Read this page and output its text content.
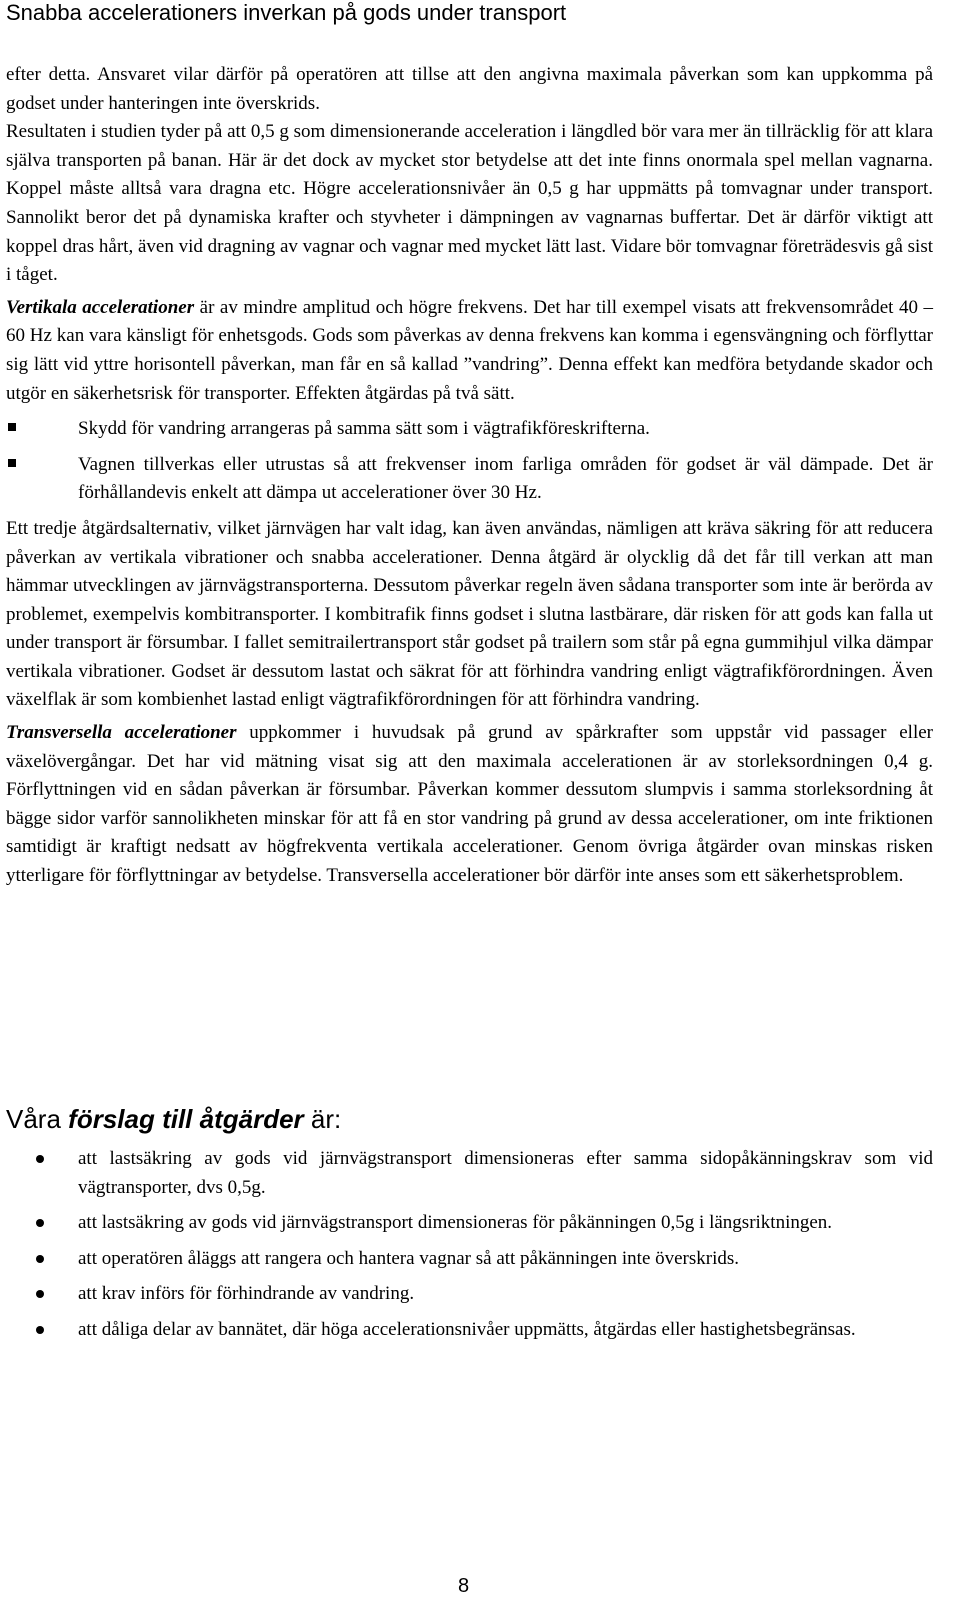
Snabba accelerationers inverkan på gods under transport

efter detta. Ansvaret vilar därför på operatören att tillse att den angivna maximala påverkan som kan uppkomma på godset under hanteringen inte överskrids.

Resultaten i studien tyder på att 0,5 g som dimensionerande acceleration i längdled bör vara mer än tillräcklig för att klara själva transporten på banan. Här är det dock av mycket stor betydelse att det inte finns onormala spel mellan vagnarna. Koppel måste alltså vara dragna etc. Högre accelerationsnivåer än 0,5 g har uppmätts på tomvagnar under transport. Sannolikt beror det på dynamiska krafter och styvheter i dämpningen av vagnarnas buffertar. Det är därför viktigt att koppel dras hårt, även vid dragning av vagnar och vagnar med mycket lätt last. Vidare bör tomvagnar företrädesvis gå sist i tåget.

Vertikala accelerationer är av mindre amplitud och högre frekvens. Det har till exempel visats att frekvensområdet 40 – 60 Hz kan vara känsligt för enhetsgods. Gods som påverkas av denna frekvens kan komma i egensvängning och förflyttar sig lätt vid yttre horisontell påverkan, man får en så kallad ”vandring”. Denna effekt kan medföra betydande skador och utgör en säkerhetsrisk för transporter. Effekten åtgärdas på två sätt.

Skydd för vandring arrangeras på samma sätt som i vägtrafikföreskrifterna.
Vagnen tillverkas eller utrustas så att frekvenser inom farliga områden för godset är väl dämpade. Det är förhållandevis enkelt att dämpa ut accelerationer över 30 Hz.

Ett tredje åtgärdsalternativ, vilket järnvägen har valt idag, kan även användas, nämligen att kräva säkring för att reducera påverkan av vertikala vibrationer och snabba accelerationer. Denna åtgärd är olycklig då det får till verkan att man hämmar utvecklingen av järnvägstransporterna. Dessutom påverkar regeln även sådana transporter som inte är berörda av problemet, exempelvis kombitransporter. I kombitrafik finns godset i slutna lastbärare, där risken för att gods kan falla ut under transport är försumbar. I fallet semitrailertransport står godset på trailern som står på egna gummihjul vilka dämpar vertikala vibrationer. Godset är dessutom lastat och säkrat för att förhindra vandring enligt vägtrafikförordningen. Även växelflak är som kombienhet lastad enligt vägtrafikförordningen för att förhindra vandring.

Transversella accelerationer uppkommer i huvudsak på grund av spårkrafter som uppstår vid passager eller växelövergångar. Det har vid mätning visat sig att den maximala accelerationen är av storleksordningen 0,4 g. Förflyttningen vid en sådan påverkan är försumbar. Påverkan kommer dessutom slumpvis i samma storleksordning åt bägge sidor varför sannolikheten minskar för att få en stor vandring på grund av dessa accelerationer, om inte friktionen samtidigt är kraftigt nedsatt av högfrekventa vertikala accelerationer. Genom övriga åtgärder ovan minskas risken ytterligare för förflyttningar av betydelse. Transversella accelerationer bör därför inte anses som ett säkerhetsproblem.

Våra förslag till åtgärder är:
att lastsäkring av gods vid järnvägstransport dimensioneras efter samma sidopåkänningskrav som vid vägtransporter, dvs 0,5g.
att lastsäkring av gods vid järnvägstransport dimensioneras för påkänningen 0,5g i längsriktningen.
att operatören åläggs att rangera och hantera vagnar så att påkänningen inte överskrids.
att krav införs för förhindrande av vandring.
att dåliga delar av bannätet, där höga accelerationsnivåer uppmätts, åtgärdas eller hastighetsbegränsas.
8
